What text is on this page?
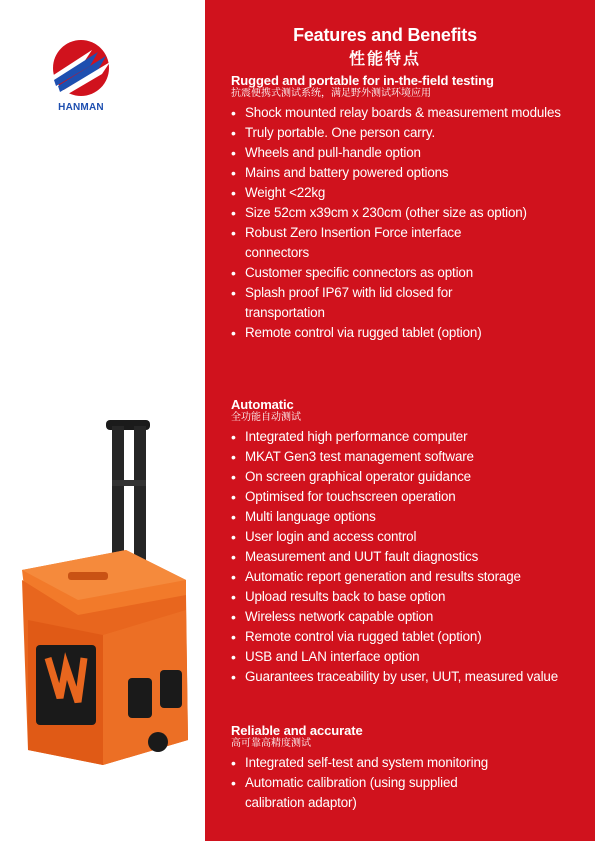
HANMAN
Features and Benefits
性能特点
Rugged and portable for in-the-field testing
抗震便携式测试系统，满足野外测试环境应用
• Shock mounted relay boards & measurement modules
• Truly portable. One person carry.
• Wheels and pull-handle option
• Mains and battery powered options
• Weight <22kg
• Size 52cm x39cm x 230cm (other size as option)
• Robust Zero Insertion Force interface connectors
• Customer specific connectors as option
• Splash proof IP67 with lid closed for transportation
• Remote control via rugged tablet (option)
Automatic
全功能自动测试
• Integrated high performance computer
• MKAT Gen3 test management software
• On screen graphical operator guidance
• Optimised for touchscreen operation
• Multi language options
• User login and access control
• Measurement and UUT fault diagnostics
• Automatic report generation and results storage
• Upload results back to base option
• Wireless network capable option
• Remote control via rugged tablet (option)
• USB and LAN interface option
• Guarantees traceability by user, UUT, measured value
Reliable and accurate
高可靠高精度测试
• Integrated self-test and system monitoring
• Automatic calibration (using supplied calibration adaptor)
